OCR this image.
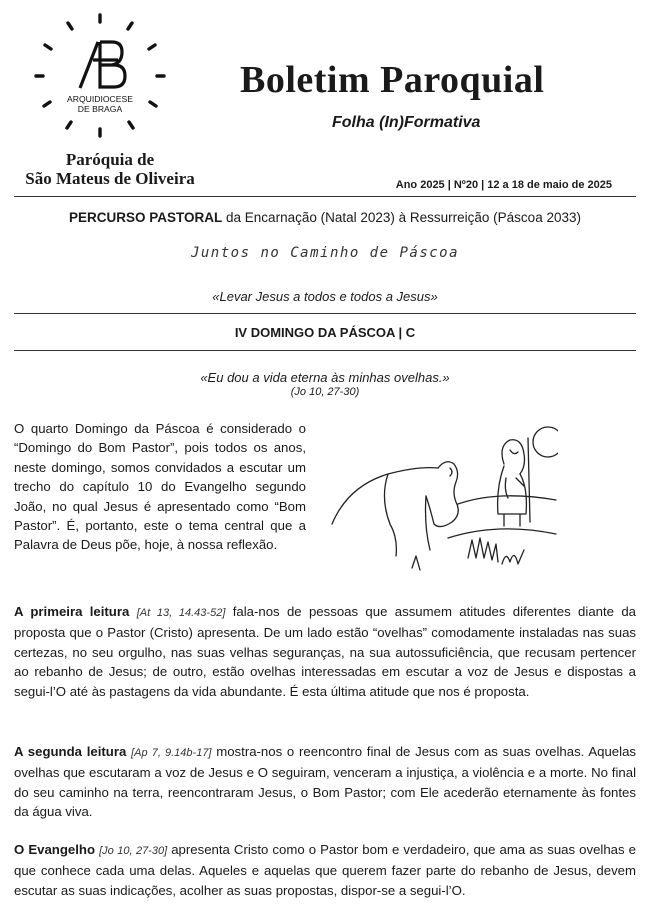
ARQUIDIOCESE
DE BRAGA
Paróquia de
São Mateus de Oliveira
Boletim Paroquial
Folha (In)Formativa
Ano 2025 | Nº20 | 12 a 18 de maio de 2025
PERCURSO PASTORAL da Encarnação (Natal 2023) à Ressurreição (Páscoa 2033)
Juntos no Caminho de Páscoa
«Levar Jesus a todos e todos a Jesus»
IV DOMINGO DA PÁSCOA | C
«Eu dou a vida eterna às minhas ovelhas.»
(Jo 10, 27-30)
O quarto Domingo da Páscoa é considerado o “Domingo do Bom Pastor”, pois todos os anos, neste domingo, somos convidados a escutar um trecho do capítulo 10 do Evangelho segundo João, no qual Jesus é apresentado como “Bom Pastor”. É, portanto, este o tema central que a Palavra de Deus põe, hoje, à nossa reflexão.
A primeira leitura [At 13, 14.43-52] fala-nos de pessoas que assumem atitudes diferentes diante da proposta que o Pastor (Cristo) apresenta. De um lado estão “ovelhas” comodamente instaladas nas suas certezas, no seu orgulho, nas suas velhas seguranças, na sua autossuficiência, que recusam pertencer ao rebanho de Jesus; de outro, estão ovelhas interessadas em escutar a voz de Jesus e dispostas a segui-l’O até às pastagens da vida abundante. É esta última atitude que nos é proposta.
A segunda leitura [Ap 7, 9.14b-17] mostra-nos o reencontro final de Jesus com as suas ovelhas. Aquelas ovelhas que escutaram a voz de Jesus e O seguiram, venceram a injustiça, a violência e a morte. No final do seu caminho na terra, reencontraram Jesus, o Bom Pastor; com Ele acederão eternamente às fontes da água viva.
O Evangelho [Jo 10, 27-30] apresenta Cristo como o Pastor bom e verdadeiro, que ama as suas ovelhas e que conhece cada uma delas. Aqueles e aquelas que querem fazer parte do rebanho de Jesus, devem escutar as suas indicações, acolher as suas propostas, dispor-se a segui-l’O.
